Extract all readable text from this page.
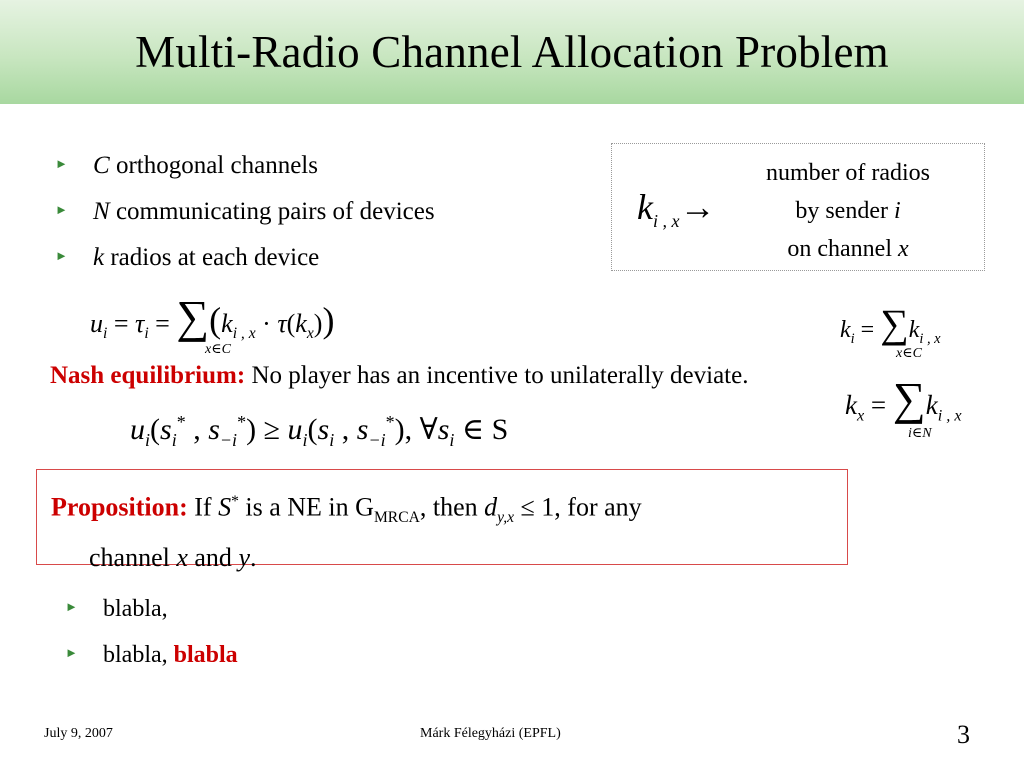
Multi-Radio Channel Allocation Problem
► C orthogonal channels
► N communicating pairs of devices
► k radios at each device
$k_{i , x}\to$
number of radios
by sender i
on channel x
$u_i = \tau_i = \sum(k_{i , x} \cdot \tau(k_x))$
x∈C
$k_i = \sum k_{i , x}$
x∈C
$k_x = \sum k_{i , x}$
i∈N
Nash equilibrium: No player has an incentive to unilaterally deviate.
$u_i(s_i^*$ , $s_{-i}^*) \ge u_i(s_i$ , $s_{-i}^*$), $\forall s_i$ ∈ S
Proposition: If S* is a NE in $G_{MRCA}$, then $d_{y,x} \le 1$, for any
channel x and y.
► blabla,
► blabla, blabla
July 9, 2007	Márk Félegyházi (EPFL)	3
